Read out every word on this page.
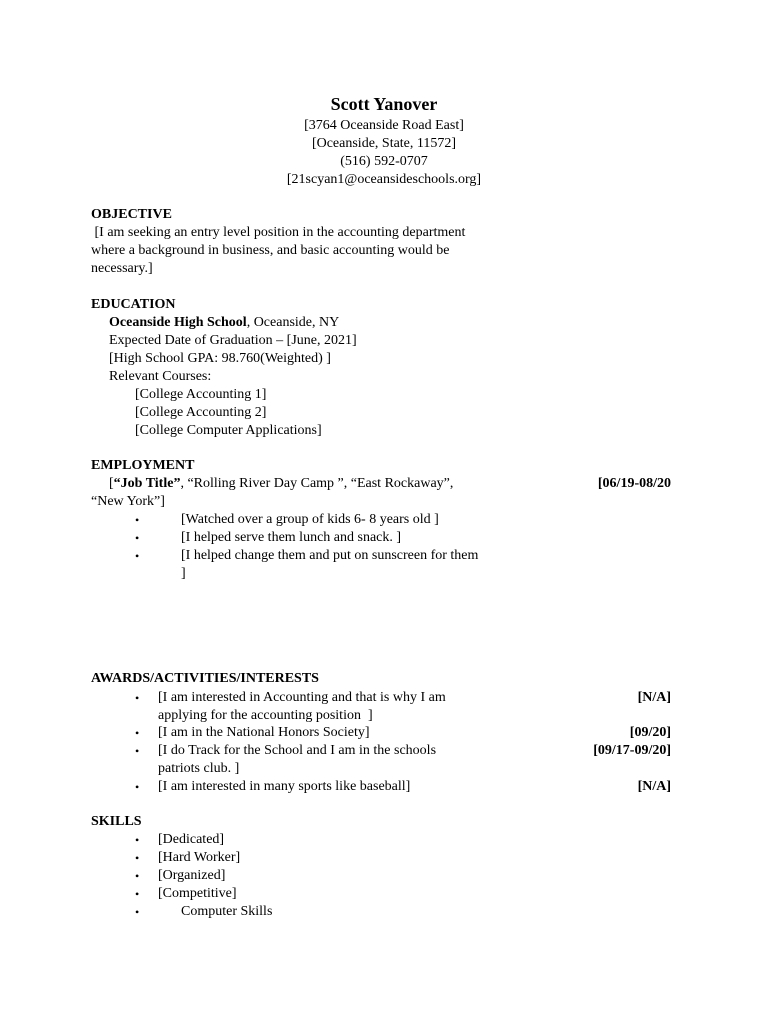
Scott Yanover
[3764 Oceanside Road East]
[Oceanside, State, 11572]
(516) 592-0707
[21scyan1@oceansideschools.org]
OBJECTIVE
[I am seeking an entry level position in the accounting department
where a background in business, and basic accounting would be
necessary.]
EDUCATION
Oceanside High School, Oceanside, NY
Expected Date of Graduation – [June, 2021]
[High School GPA: 98.760(Weighted) ]
Relevant Courses:
[College Accounting 1]
[College Accounting 2]
[College Computer Applications]
EMPLOYMENT
[“Job Title”, “Rolling River Day Camp ”, “East Rockaway”,	[06/19-08/20
“New York”]
•	[Watched over a group of kids 6- 8 years old ]
•	[I helped serve them lunch and snack. ]
•	[I helped change them and put on sunscreen for them
]
AWARDS/ACTIVITIES/INTERESTS
• [I am interested in Accounting and that is why I am	[N/A]
applying for the accounting position  ]
• [I am in the National Honors Society]	[09/20]
• [I do Track for the School and I am in the schools	[09/17-09/20]
patriots club. ]
• [I am interested in many sports like baseball]	[N/A]
SKILLS
• [Dedicated]
• [Hard Worker]
• [Organized]
• [Competitive]
•	Computer Skills
